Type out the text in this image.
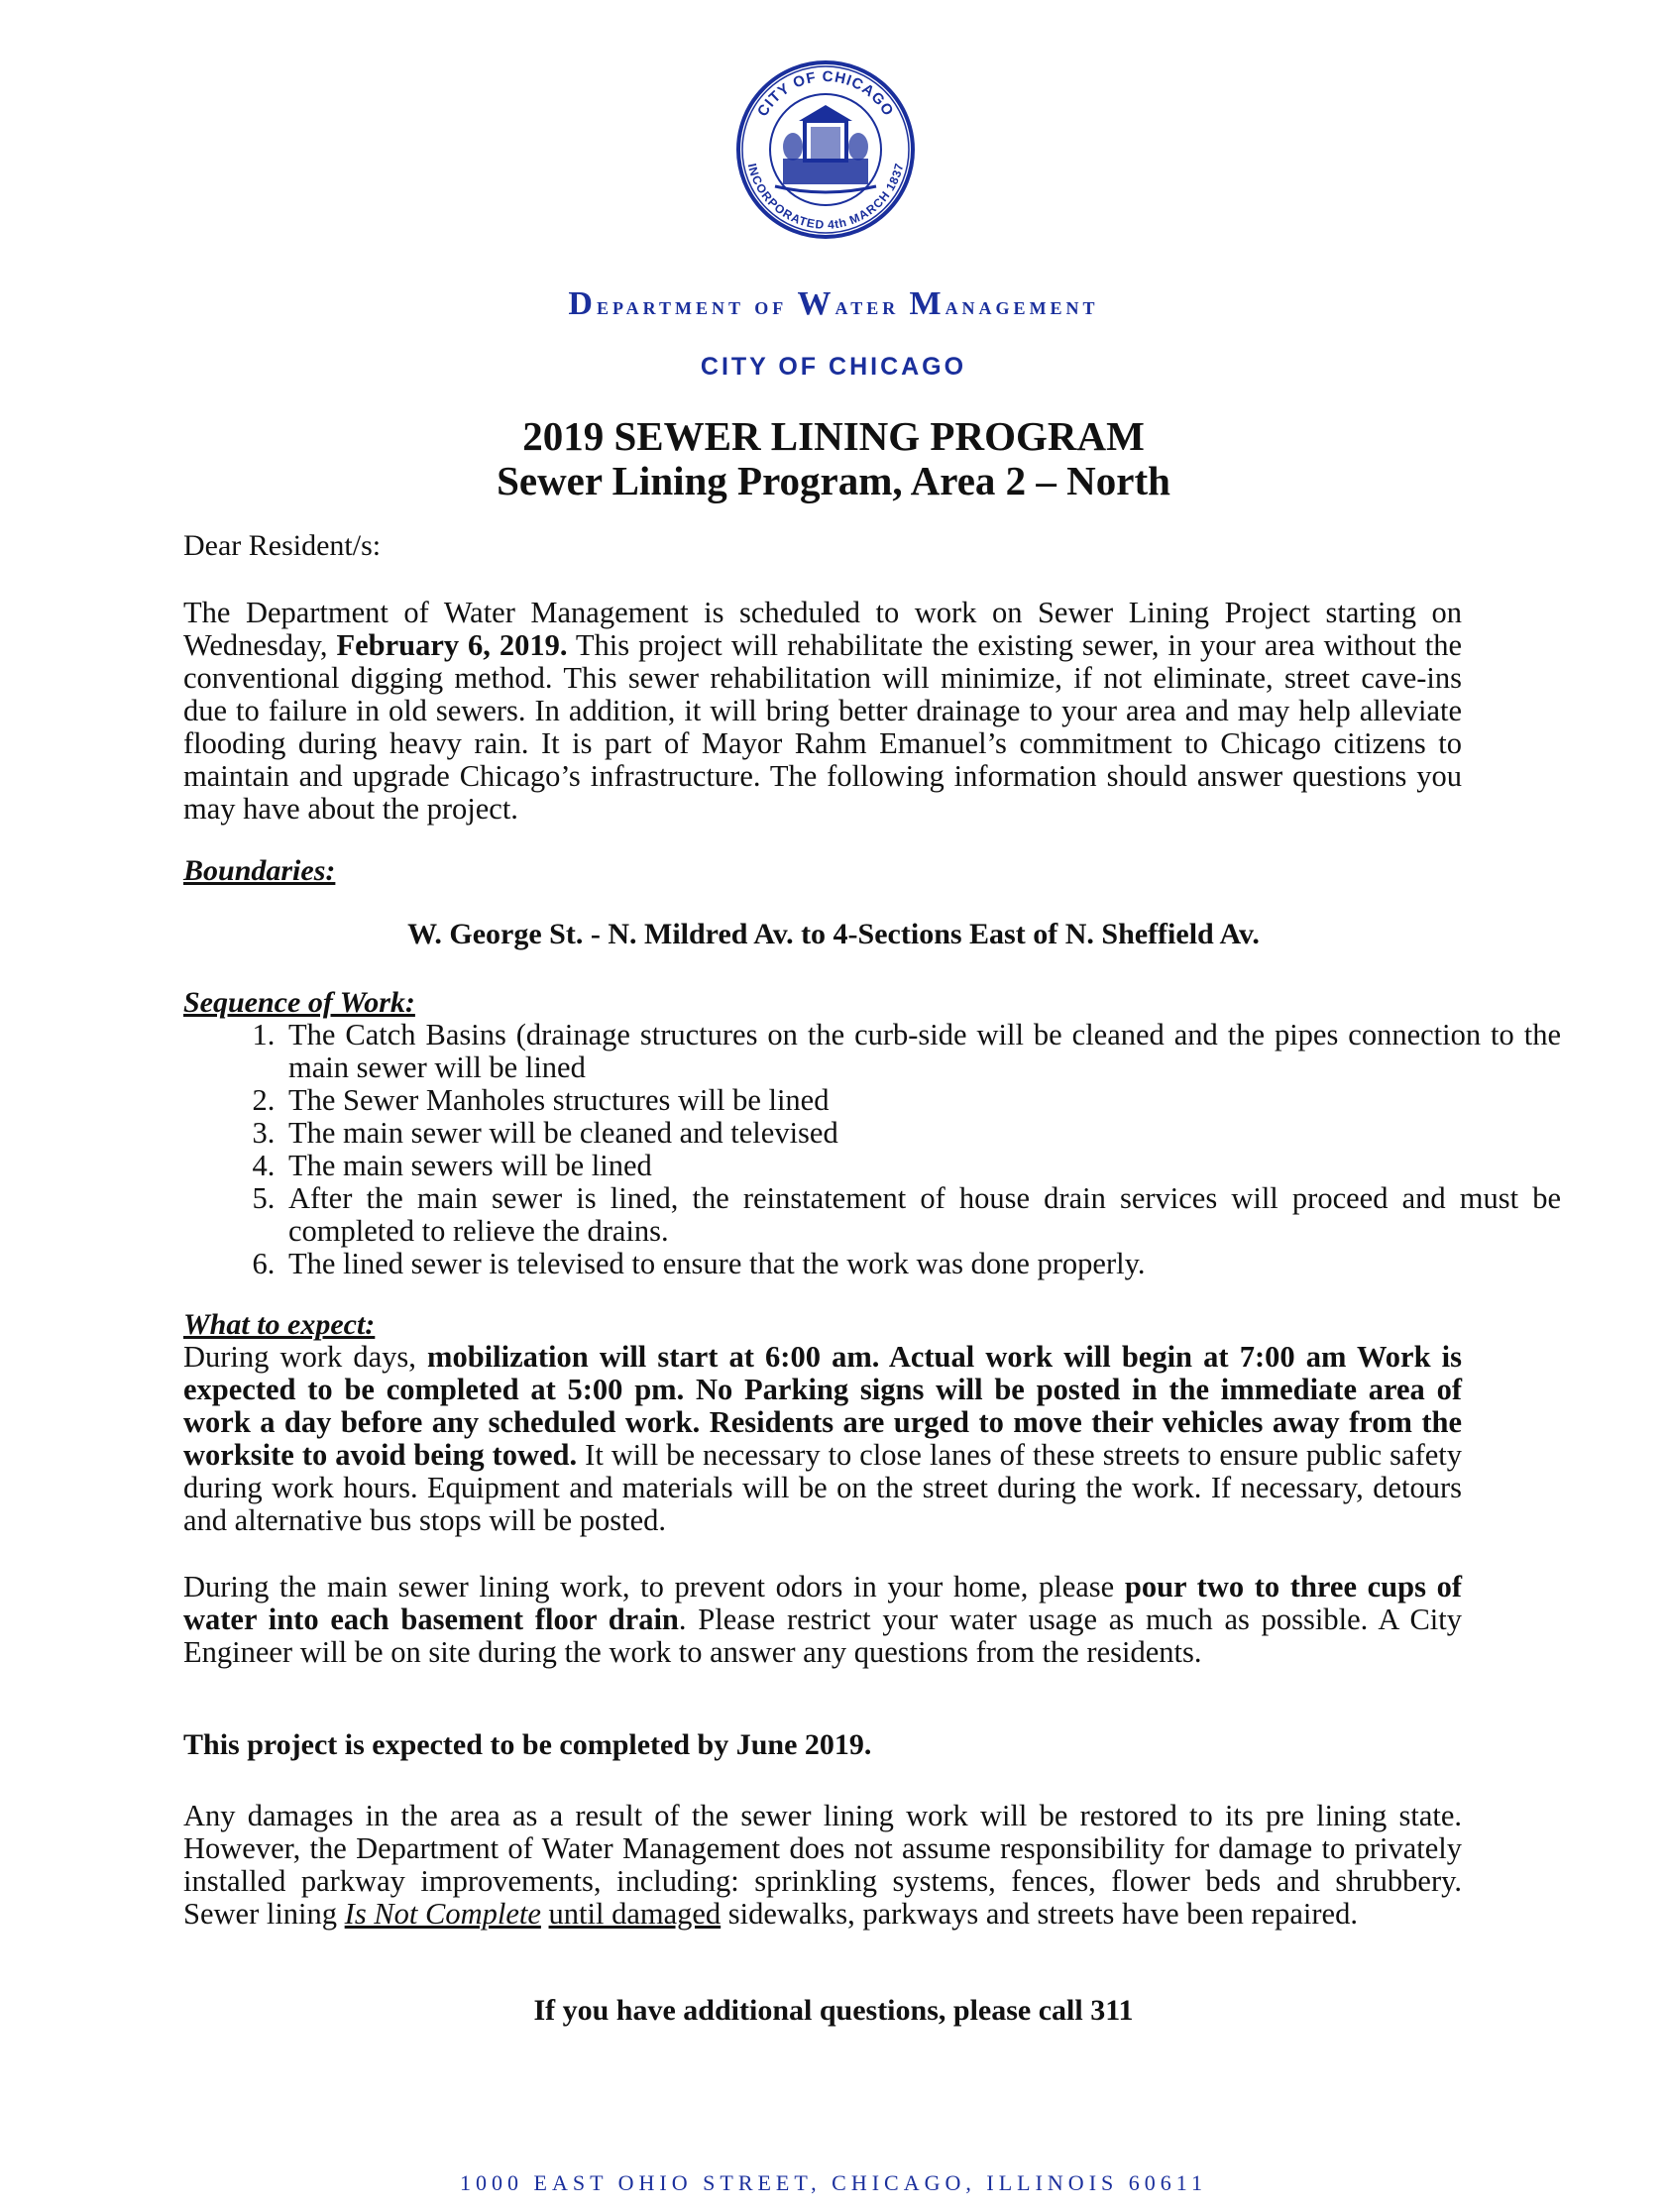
CITY OF CHICAGO
INCORPORATED 4th MARCH 1837
Department of Water Management
CITY OF CHICAGO
2019 SEWER LINING PROGRAM
Sewer Lining Program, Area 2 – North
Dear Resident/s:
The Department of Water Management is scheduled to work on Sewer Lining Project starting on Wednesday, February 6, 2019. This project will rehabilitate the existing sewer, in your area without the conventional digging method. This sewer rehabilitation will minimize, if not eliminate, street cave-ins due to failure in old sewers. In addition, it will bring better drainage to your area and may help alleviate flooding during heavy rain. It is part of Mayor Rahm Emanuel’s commitment to Chicago citizens to maintain and upgrade Chicago’s infrastructure. The following information should answer questions you may have about the project.
Boundaries:
W. George St. - N. Mildred Av. to 4-Sections East of N. Sheffield Av.
Sequence of Work:
1. The Catch Basins (drainage structures on the curb-side will be cleaned and the pipes connection to the main sewer will be lined
2. The Sewer Manholes structures will be lined
3. The main sewer will be cleaned and televised
4. The main sewers will be lined
5. After the main sewer is lined, the reinstatement of house drain services will proceed and must be completed to relieve the drains.
6. The lined sewer is televised to ensure that the work was done properly.
What to expect:
During work days, mobilization will start at 6:00 am. Actual work will begin at 7:00 am Work is expected to be completed at 5:00 pm. No Parking signs will be posted in the immediate area of work a day before any scheduled work. Residents are urged to move their vehicles away from the worksite to avoid being towed. It will be necessary to close lanes of these streets to ensure public safety during work hours. Equipment and materials will be on the street during the work. If necessary, detours and alternative bus stops will be posted.
During the main sewer lining work, to prevent odors in your home, please pour two to three cups of water into each basement floor drain. Please restrict your water usage as much as possible. A City Engineer will be on site during the work to answer any questions from the residents.
This project is expected to be completed by June 2019.
Any damages in the area as a result of the sewer lining work will be restored to its pre lining state. However, the Department of Water Management does not assume responsibility for damage to privately installed parkway improvements, including: sprinkling systems, fences, flower beds and shrubbery. Sewer lining Is Not Complete until damaged sidewalks, parkways and streets have been repaired.
If you have additional questions, please call 311
1000 EAST OHIO STREET, CHICAGO, ILLINOIS 60611
